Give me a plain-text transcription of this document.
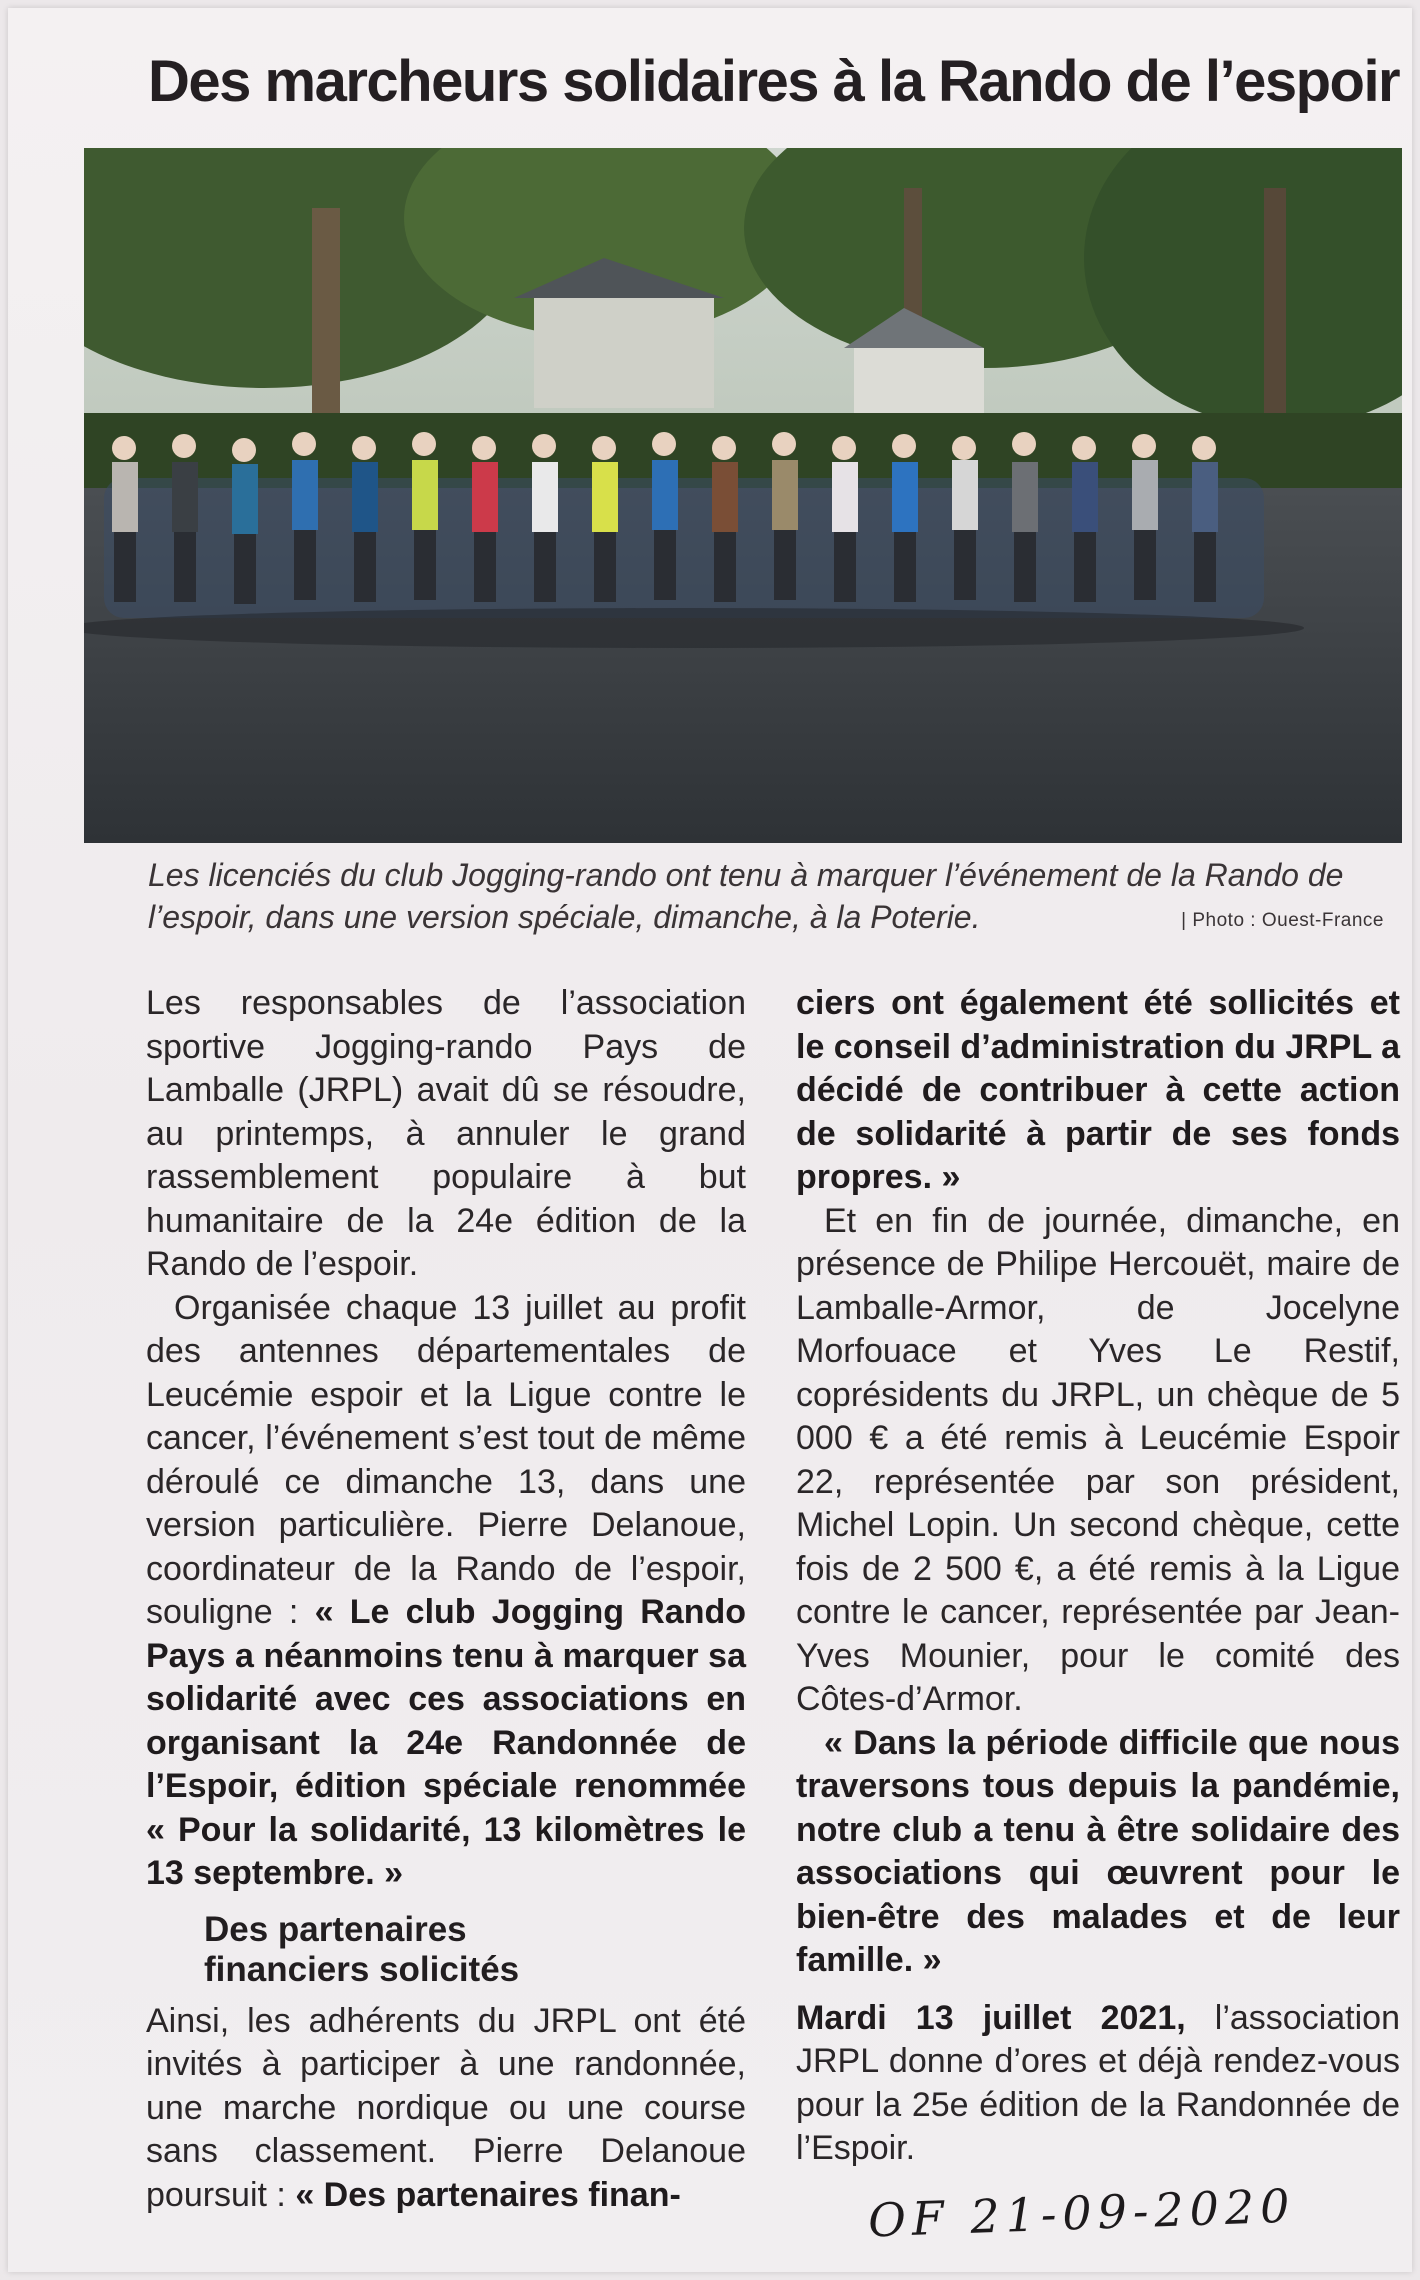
Des marcheurs solidaires à la Rando de l’espoir
Les licenciés du club Jogging-rando ont tenu à marquer l’événement de la Rando de l’espoir, dans une version spéciale, dimanche, à la Poterie.	| Photo : Ouest-France

Les responsables de l’association sportive Jogging-rando Pays de Lamballe (JRPL) avait dû se résoudre, au printemps, à annuler le grand rassemblement populaire à but humanitaire de la 24e édition de la Rando de l’espoir.

Organisée chaque 13 juillet au profit des antennes départementales de Leucémie espoir et la Ligue contre le cancer, l’événement s’est tout de même déroulé ce dimanche 13, dans une version particulière. Pierre Delanoue, coordinateur de la Rando de l’espoir, souligne : « Le club Jogging Rando Pays a néanmoins tenu à marquer sa solidarité avec ces associations en organisant la 24e Randonnée de l’Espoir, édition spéciale renommée « Pour la solidarité, 13 kilomètres le 13 septembre. »

Des partenaires
financiers solicités

Ainsi, les adhérents du JRPL ont été invités à participer à une randonnée, une marche nordique ou une course sans classement. Pierre Delanoue poursuit : « Des partenaires finan-

ciers ont également été sollicités et le conseil d’administration du JRPL a décidé de contribuer à cette action de solidarité à partir de ses fonds propres. »

Et en fin de journée, dimanche, en présence de Philipe Hercouët, maire de Lamballe-Armor, de Jocelyne Morfouace et Yves Le Restif, coprésidents du JRPL, un chèque de 5 000 € a été remis à Leucémie Espoir 22, représentée par son président, Michel Lopin. Un second chèque, cette fois de 2 500 €, a été remis à la Ligue contre le cancer, représentée par Jean-Yves Mounier, pour le comité des Côtes-d’Armor.

« Dans la période difficile que nous traversons tous depuis la pandémie, notre club a tenu à être solidaire des associations qui œuvrent pour le bien-être des malades et de leur famille. »

Mardi 13 juillet 2021, l’association JRPL donne d’ores et déjà rendez-vous pour la 25e édition de la Randonnée de l’Espoir.

OF 21-09-2020
